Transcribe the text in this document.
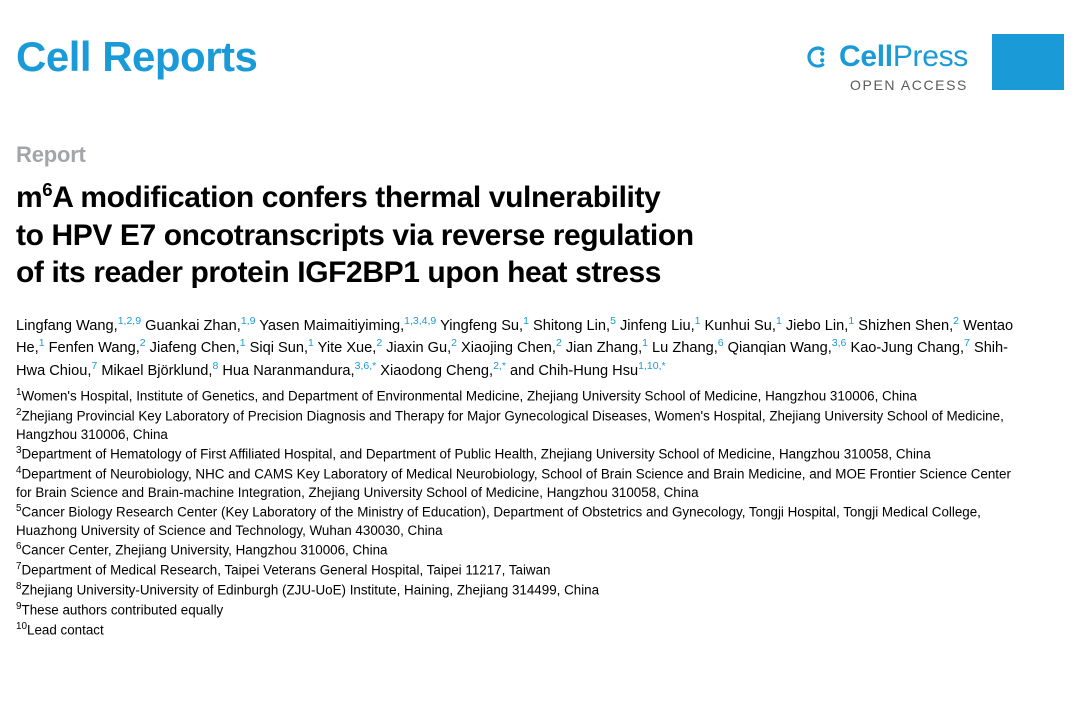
Cell Reports	CellPress
OPEN ACCESS
Report
$m^6A$ modification confers thermal vulnerability
to HPV E7 oncotranscripts via reverse regulation
of its reader protein IGF2BP1 upon heat stress
Lingfang Wang,$^{1,2,9}$ Guankai Zhan,$^{1,9}$ Yasen Maimaitiyiming,$^{1,3,4,9}$ Yingfeng Su,$^1$ Shitong Lin,$^5$ Jinfeng Liu,$^1$ Kunhui Su,$^1$ Jiebo Lin,$^1$ Shizhen Shen,$^2$ Wentao He,$^1$ Fenfen Wang,$^2$ Jiafeng Chen,$^1$ Siqi Sun,$^1$ Yite Xue,$^2$ Jiaxin Gu,$^2$ Xiaojing Chen,$^2$ Jian Zhang,$^1$ Lu Zhang,$^6$ Qianqian Wang,$^{3,6}$ Kao-Jung Chang,$^7$ Shih-Hwa Chiou,$^7$ Mikael Björklund,$^8$ Hua Naranmandura,$^{3,6,*}$ Xiaodong Cheng,$^{2,*}$ and Chih-Hung Hsu$^{1,10,*}$

$^1$Women's Hospital, Institute of Genetics, and Department of Environmental Medicine, Zhejiang University School of Medicine, Hangzhou 310006, China

$^2$Zhejiang Provincial Key Laboratory of Precision Diagnosis and Therapy for Major Gynecological Diseases, Women's Hospital, Zhejiang University School of Medicine, Hangzhou 310006, China

$^3$Department of Hematology of First Affiliated Hospital, and Department of Public Health, Zhejiang University School of Medicine, Hangzhou 310058, China

$^4$Department of Neurobiology, NHC and CAMS Key Laboratory of Medical Neurobiology, School of Brain Science and Brain Medicine, and MOE Frontier Science Center for Brain Science and Brain-machine Integration, Zhejiang University School of Medicine, Hangzhou 310058, China

$^5$Cancer Biology Research Center (Key Laboratory of the Ministry of Education), Department of Obstetrics and Gynecology, Tongji Hospital, Tongji Medical College, Huazhong University of Science and Technology, Wuhan 430030, China

$^6$Cancer Center, Zhejiang University, Hangzhou 310006, China

$^7$Department of Medical Research, Taipei Veterans General Hospital, Taipei 11217, Taiwan

$^8$Zhejiang University-University of Edinburgh (ZJU-UoE) Institute, Haining, Zhejiang 314499, China

$^9$These authors contributed equally

$^{10}$Lead contact
